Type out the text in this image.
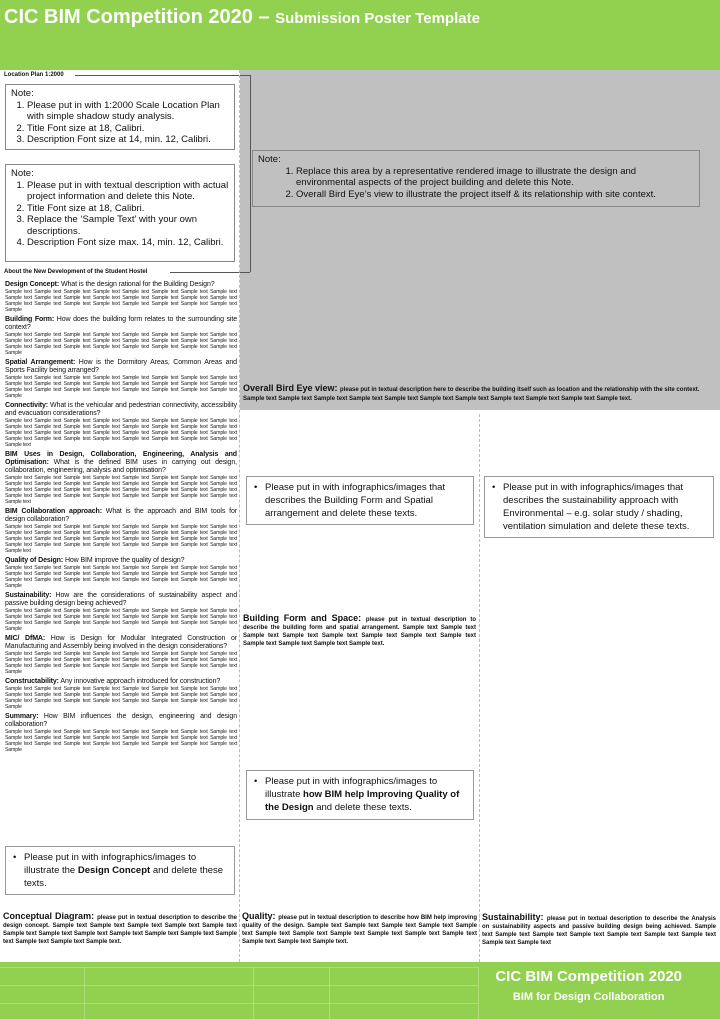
CIC BIM Competition 2020 – Submission Poster Template
Location Plan 1:2000
Note:
1. Please put in with 1:2000 Scale Location Plan with simple shadow study analysis.
2. Title Font size at 18, Calibri.
3. Description Font size at 14, min. 12, Calibri.
Note:
1. Please put in with textual description with actual project information and delete this Note.
2. Title Font size at 18, Calibri.
3. Replace the ‘Sample Text’ with your own descriptions.
4. Description Font size max. 14, min. 12, Calibri.
Note:
1. Replace this area by a representative rendered image to illustrate the design and environmental aspects of the project building and delete this Note.
2. Overall Bird Eye’s view to illustrate the project itself & its relationship with site context.
About the New Development of the Student Hostel
Design Concept: What is the design rational for the Building Design?
Sample text Sample text Sample text Sample text Sample text Sample text Sample text Sample text Sample text Sample text Sample text Sample text Sample text Sample text Sample text Sample text Sample text Sample text Sample text Sample text Sample text Sample text Sample text Sample text Sample
Building Form: How does the building form relates to the surrounding site context?
Sample text Sample text Sample text Sample text Sample text Sample text Sample text Sample text Sample text Sample text Sample text Sample text Sample text Sample text Sample text Sample text Sample text Sample text Sample text Sample text Sample text Sample text Sample text Sample text Sample
Spatial Arrangement: How is the Dormitory Areas, Common Areas and Sports Facility being arranged?
Sample text Sample text Sample text Sample text Sample text Sample text Sample text Sample text Sample text Sample text Sample text Sample text Sample text Sample text Sample text Sample text Sample text Sample text Sample text Sample text Sample text Sample text Sample text Sample text Sample
Connectivity: What is the vehicular and pedestrian connectivity, accessibility and evacuation considerations?
Sample text Sample text Sample text Sample text Sample text Sample text Sample text Sample text Sample text Sample text Sample text Sample text Sample text Sample text Sample text Sample text Sample text Sample text Sample text Sample text Sample text Sample text Sample text Sample text Sample text Sample text Sample text Sample text Sample text Sample text Sample text Sample text Sample text
BIM Uses in Design, Collaboration, Engineering, Analysis and Optimisation: What is the defined BIM uses in carrying out design, collaboration, engineering, analysis and optimisation?
Sample text Sample text Sample text Sample text Sample text Sample text Sample text Sample text Sample text Sample text Sample text Sample text Sample text Sample text Sample text Sample text Sample text Sample text Sample text Sample text Sample text Sample text Sample text Sample text Sample text Sample text Sample text Sample text Sample text Sample text Sample text Sample text Sample text
BIM Collaboration approach: What is the approach and BIM tools for design collaboration?
Sample text Sample text Sample text Sample text Sample text Sample text Sample text Sample text Sample text Sample text Sample text Sample text Sample text Sample text Sample text Sample text Sample text Sample text Sample text Sample text Sample text Sample text Sample text Sample text Sample text Sample text Sample text Sample text Sample text Sample text Sample text Sample text Sample text
Quality of Design: How BIM improve the quality of design?
Sample text Sample text Sample text Sample text Sample text Sample text Sample text Sample text Sample text Sample text Sample text Sample text Sample text Sample text Sample text Sample text Sample text Sample text Sample text Sample text Sample text Sample text Sample text Sample text Sample
Sustainability: How are the considerations of sustainability aspect and passive building design being achieved?
Sample text Sample text Sample text Sample text Sample text Sample text Sample text Sample text Sample text Sample text Sample text Sample text Sample text Sample text Sample text Sample text Sample text Sample text Sample text Sample text Sample text Sample text Sample text Sample text Sample
MIC/ DfMA: How is Design for Modular Integrated Construction or Manufacturing and Assembly being involved in the design considerations?
Sample text Sample text Sample text Sample text Sample text Sample text Sample text Sample text Sample text Sample text Sample text Sample text Sample text Sample text Sample text Sample text Sample text Sample text Sample text Sample text Sample text Sample text Sample text Sample text Sample
Constructability: Any innovative approach introduced for construction?
Sample text Sample text Sample text Sample text Sample text Sample text Sample text Sample text Sample text Sample text Sample text Sample text Sample text Sample text Sample text Sample text Sample text Sample text Sample text Sample text Sample text Sample text Sample text Sample text Sample
Summary: How BIM influences the design, engineering and design collaboration?
Sample text Sample text Sample text Sample text Sample text Sample text Sample text Sample text Sample text Sample text Sample text Sample text Sample text Sample text Sample text Sample text Sample text Sample text Sample text Sample text Sample text Sample text Sample text Sample text Sample
Overall Bird Eye view: please put in textual description here to describe the building itself such as location and the relationship with the site context. Sample text Sample text Sample text Sample text Sample text Sample text Sample text Sample text Sample text Sample text Sample text.
• Please put in with infographics/images that describes the Building Form and Spatial arrangement and delete these texts.
• Please put in with infographics/images that describes the sustainability approach with Environmental – e.g. solar study / shading, ventilation simulation and delete these texts.
• Please put in with infographics/images to illustrate how BIM help Improving Quality of the Design and delete these texts.
• Please put in with infographics/images to illustrate the Design Concept and delete these texts.
Building Form and Space: please put in textual description to describe the building form and spatial arrangement. Sample text Sample text Sample text Sample text Sample text Sample text Sample text Sample text Sample text Sample text Sample text Sample text.
Conceptual Diagram: please put in textual description to describe the design concept. Sample text Sample text Sample text Sample text Sample text Sample text Sample text Sample text Sample text Sample text Sample text Sample text Sample text Sample text Sample text.
Quality: please put in textual description to describe how BIM help improving quality of the design. Sample text Sample text Sample text Sample text Sample text Sample text Sample text Sample text Sample text Sample text Sample text Sample text Sample text Sample text.
Sustainability: please put in textual description to describe the Analysis on sustainability aspects and passive building design being achieved. Sample text Sample text Sample text Sample text Sample text Sample text Sample text Sample text Sample text
CIC BIM Competition 2020
BIM for Design Collaboration
